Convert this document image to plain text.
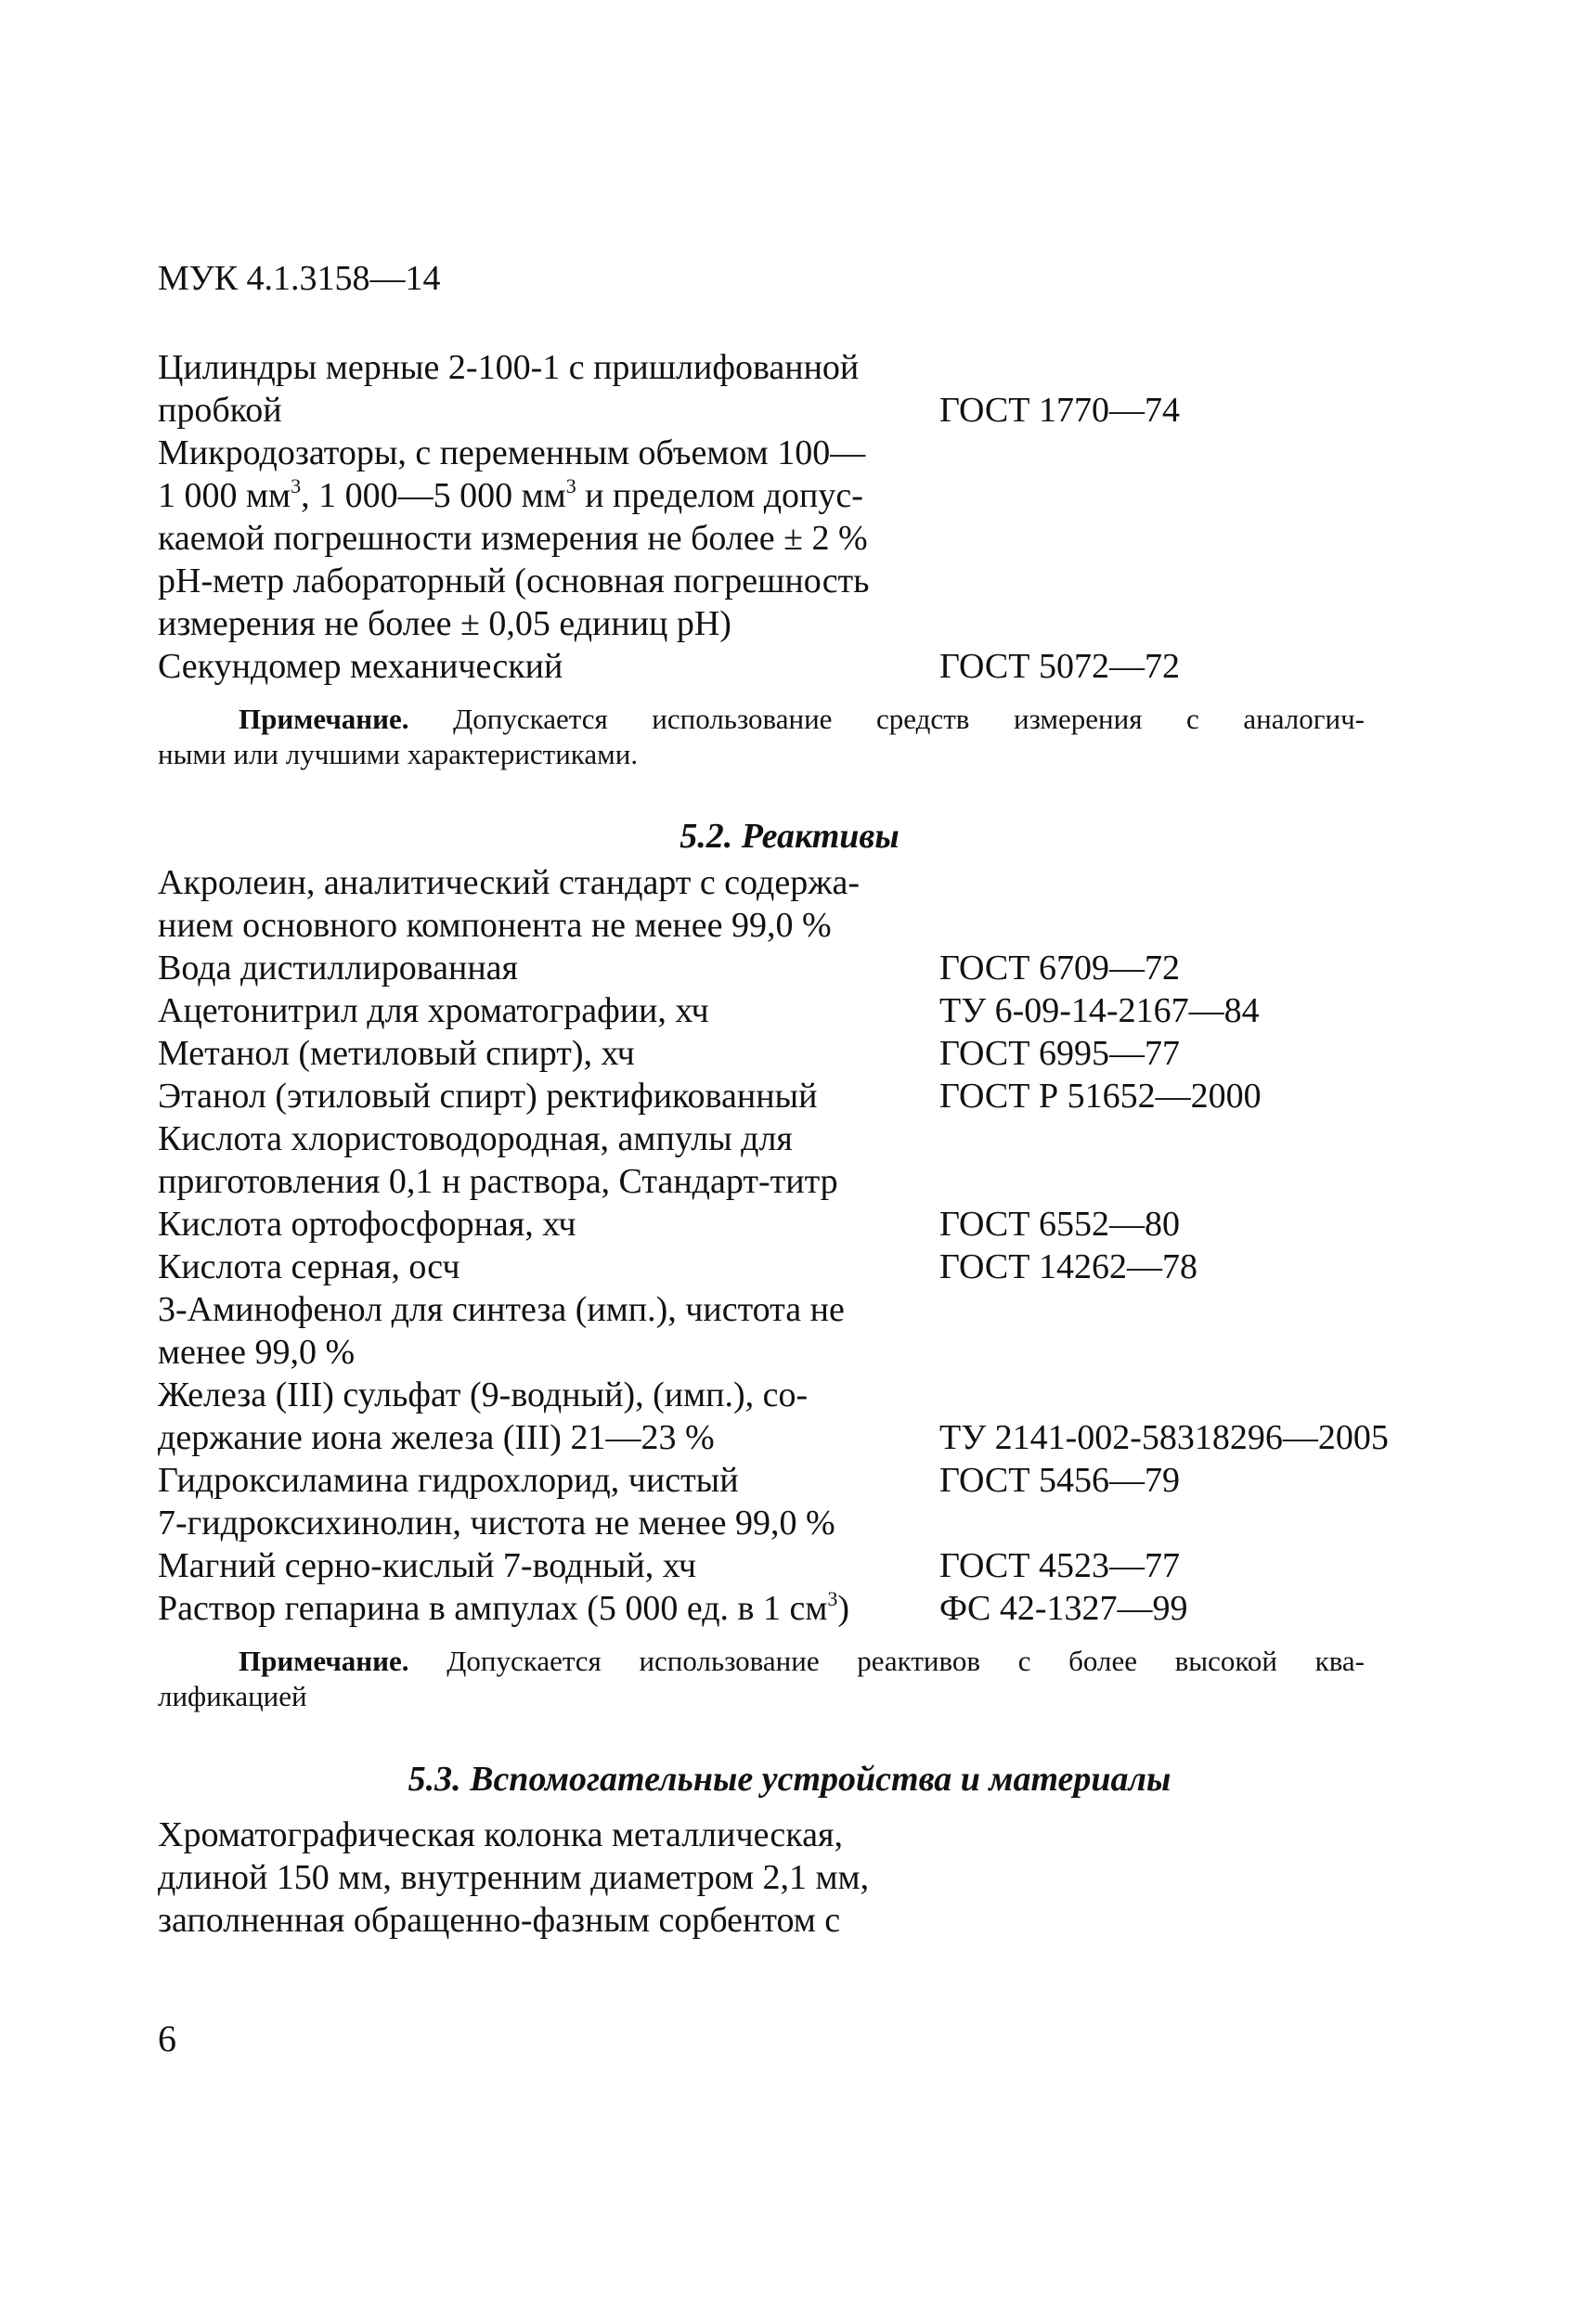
МУК 4.1.3158—14
Цилиндры мерные 2-100-1 с пришлифованной
пробкой	ГОСТ 1770—74
Микродозаторы, с переменным объемом 100—
1 000 $мм^3$, 1 000—5 000 $мм^3$ и пределом допус-
каемой погрешности измерения не более ± 2 %
рН-метр лабораторный (основная погрешность
измерения не более ± 0,05 единиц рН)
Секундомер механический	ГОСТ 5072—72
Примечание. Допускается использование средств измерения с аналогич-
ными или лучшими характеристиками.
5.2. Реактивы
Акролеин, аналитический стандарт с содержа-
нием основного компонента не менее 99,0 %
Вода дистиллированная	ГОСТ 6709—72
Ацетонитрил для хроматографии, хч	ТУ 6-09-14-2167—84
Метанол (метиловый спирт), хч	ГОСТ 6995—77
Этанол (этиловый спирт) ректификованный	ГОСТ Р 51652—2000
Кислота хлористоводородная, ампулы для
приготовления 0,1 н раствора, Стандарт-титр
Кислота ортофосфорная, хч	ГОСТ 6552—80
Кислота серная, осч	ГОСТ 14262—78
3-Аминофенол для синтеза (имп.), чистота не
менее 99,0 %
Железа (III) сульфат (9-водный), (имп.), со-
держание иона железа (III) 21—23 %	ТУ 2141-002-58318296—2005
Гидроксиламина гидрохлорид, чистый	ГОСТ 5456—79
7-гидроксихинолин, чистота не менее 99,0 %
Магний серно-кислый 7-водный, хч	ГОСТ 4523—77
Раствор гепарина в ампулах (5 000 ед. в 1 $см^3$)	ФС 42-1327—99
Примечание. Допускается использование реактивов с более высокой ква-
лификацией
5.3. Вспомогательные устройства и материалы
Хроматографическая колонка металлическая,
длиной 150 мм, внутренним диаметром 2,1 мм,
заполненная обращенно-фазным сорбентом с
6
